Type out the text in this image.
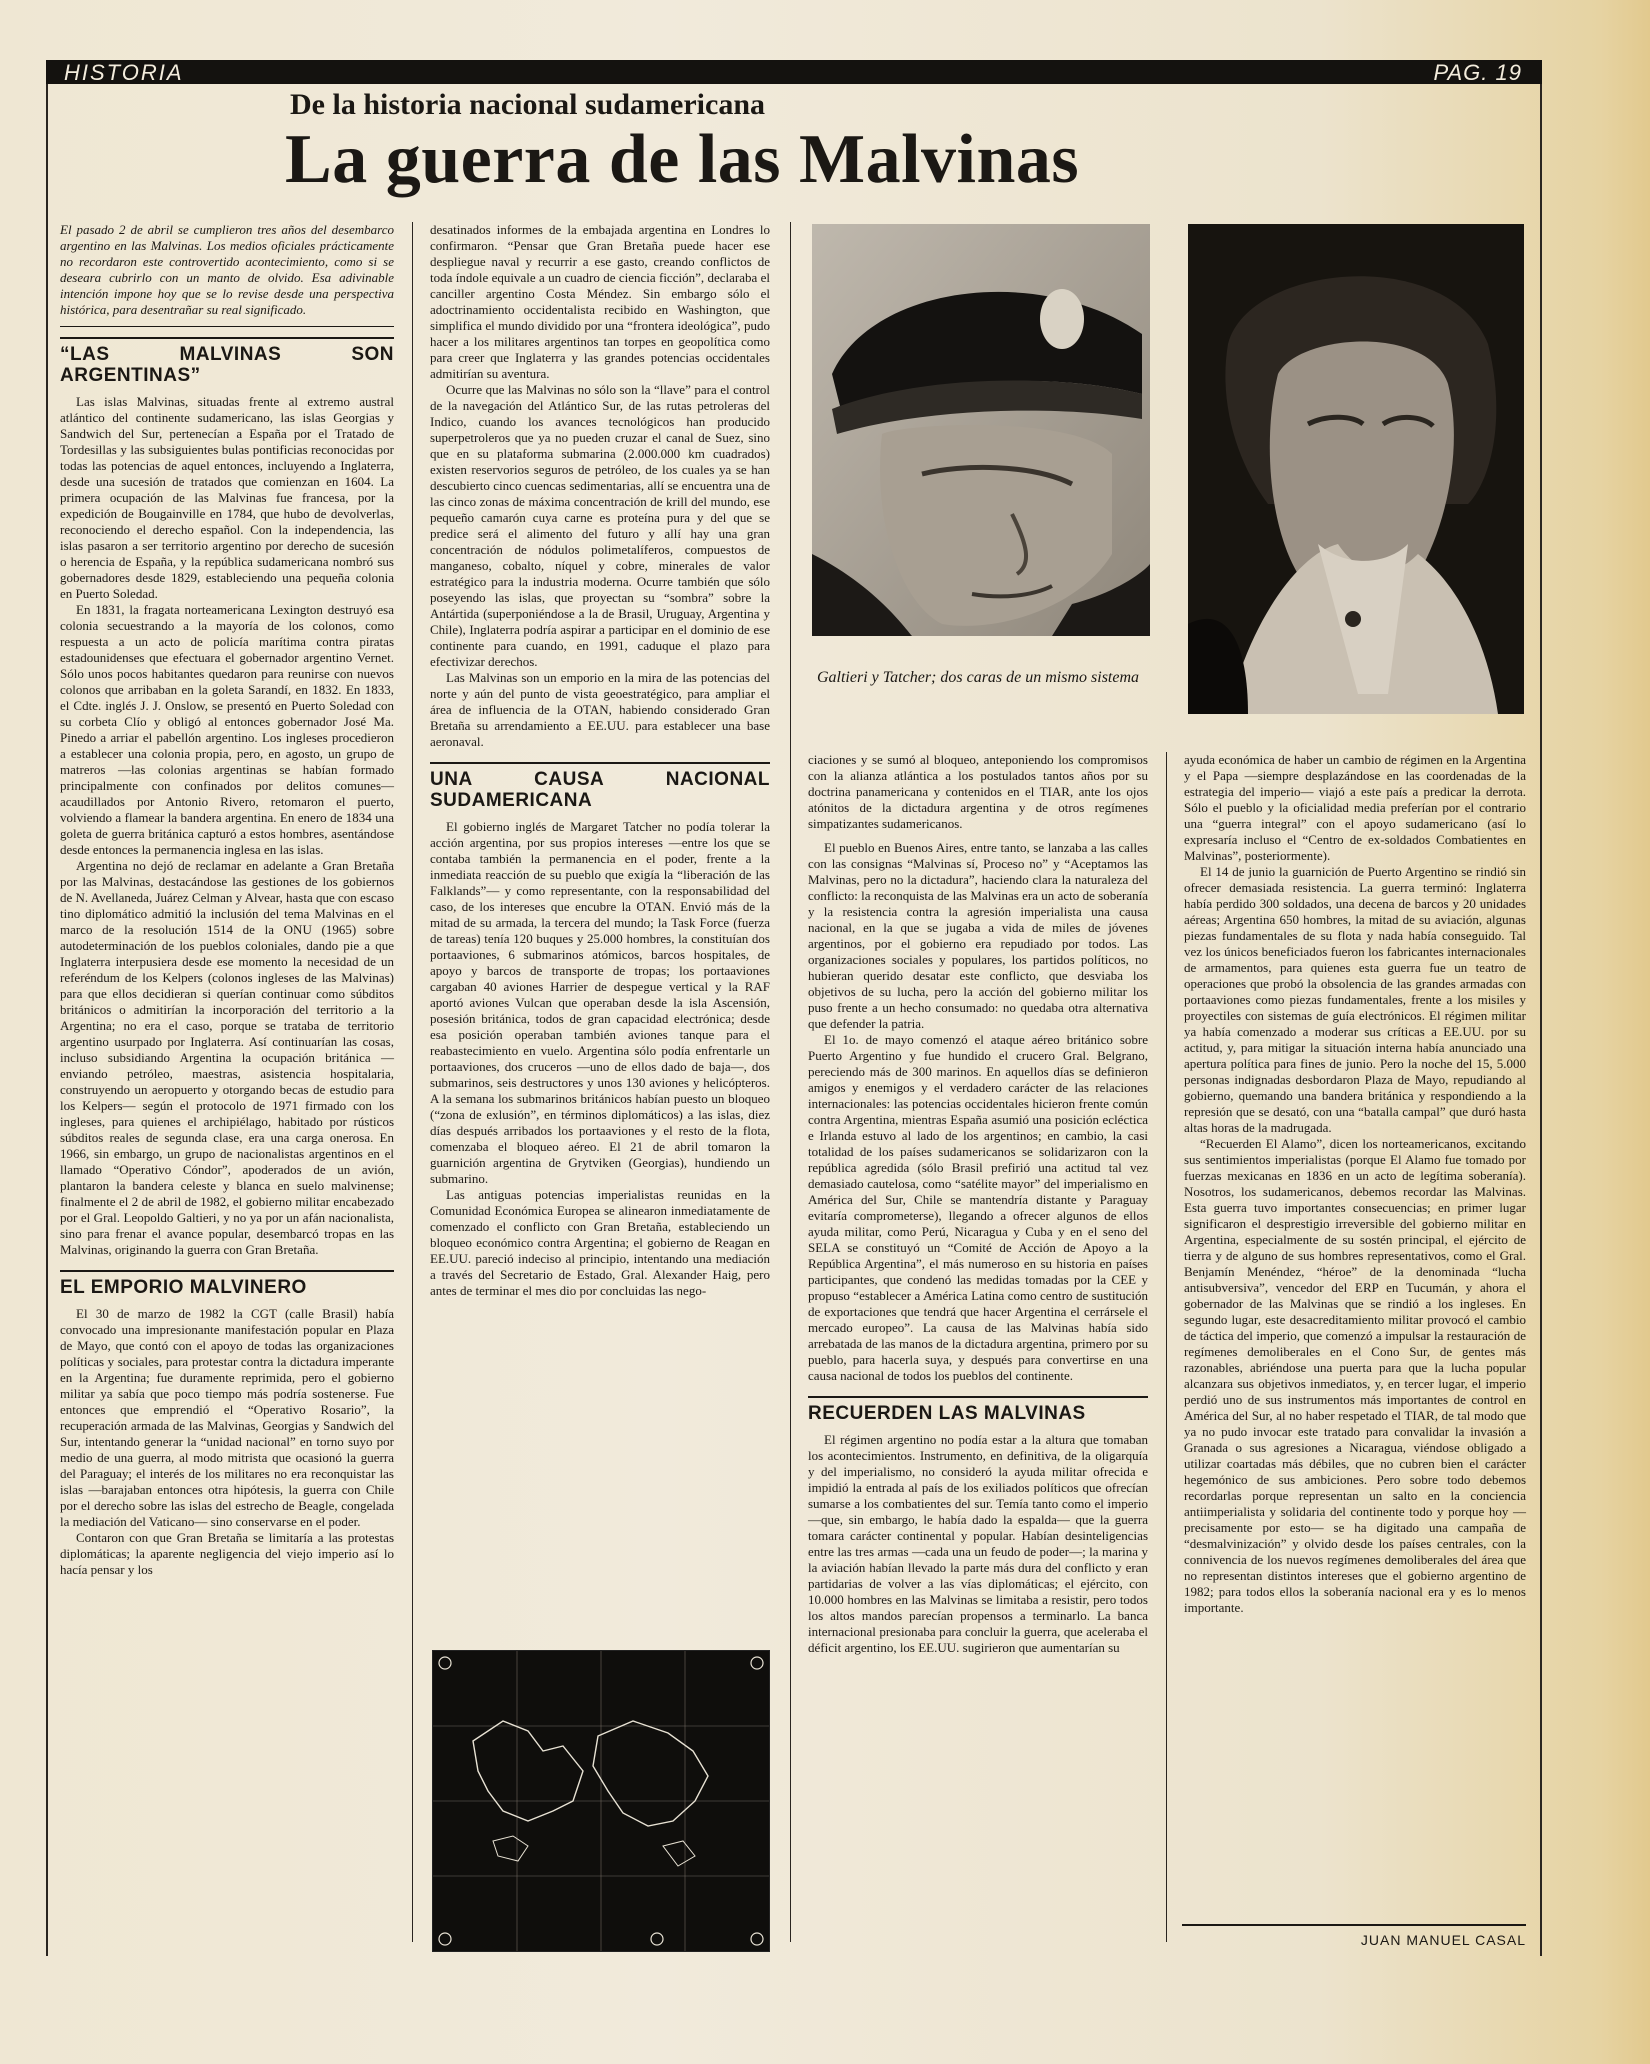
HISTORIA	PAG. 19
De la historia nacional sudamericana
La guerra de las Malvinas

El pasado 2 de abril se cumplieron tres años del desembarco argentino en las Malvinas. Los medios oficiales prácticamente no recordaron este controvertido acontecimiento, como si se deseara cubrirlo con un manto de olvido. Esa adivinable intención impone hoy que se lo revise desde una perspectiva histórica, para desentrañar su real significado.

“LAS MALVINAS SON ARGENTINAS”

Las islas Malvinas, situadas frente al extremo austral atlántico del continente sudamericano, las islas Georgias y Sandwich del Sur, pertenecían a España por el Tratado de Tordesillas y las subsiguientes bulas pontificias reconocidas por todas las potencias de aquel entonces, incluyendo a Inglaterra, desde una sucesión de tratados que comienzan en 1604. La primera ocupación de las Malvinas fue francesa, por la expedición de Bougainville en 1784, que hubo de devolverlas, reconociendo el derecho español. Con la independencia, las islas pasaron a ser territorio argentino por derecho de sucesión o herencia de España, y la república sudamericana nombró sus gobernadores desde 1829, estableciendo una pequeña colonia en Puerto Soledad.

En 1831, la fragata norteamericana Lexington destruyó esa colonia secuestrando a la mayoría de los colonos, como respuesta a un acto de policía marítima contra piratas estadounidenses que efectuara el gobernador argentino Vernet. Sólo unos pocos habitantes quedaron para reunirse con nuevos colonos que arribaban en la goleta Sarandí, en 1832. En 1833, el Cdte. inglés J. J. Onslow, se presentó en Puerto Soledad con su corbeta Clío y obligó al entonces gobernador José Ma. Pinedo a arriar el pabellón argentino. Los ingleses procedieron a establecer una colonia propia, pero, en agosto, un grupo de matreros —las colonias argentinas se habían formado principalmente con confinados por delitos comunes— acaudillados por Antonio Rivero, retomaron el puerto, volviendo a flamear la bandera argentina. En enero de 1834 una goleta de guerra británica capturó a estos hombres, asentándose desde entonces la permanencia inglesa en las islas.

Argentina no dejó de reclamar en adelante a Gran Bretaña por las Malvinas, destacándose las gestiones de los gobiernos de N. Avellaneda, Juárez Celman y Alvear, hasta que con escaso tino diplomático admitió la inclusión del tema Malvinas en el marco de la resolución 1514 de la ONU (1965) sobre autodeterminación de los pueblos coloniales, dando pie a que Inglaterra interpusiera desde ese momento la necesidad de un referéndum de los Kelpers (colonos ingleses de las Malvinas) para que ellos decidieran si querían continuar como súbditos británicos o admitirían la incorporación del territorio a la Argentina; no era el caso, porque se trataba de territorio argentino usurpado por Inglaterra. Así continuarían las cosas, incluso subsidiando Argentina la ocupación británica —enviando petróleo, maestras, asistencia hospitalaria, construyendo un aeropuerto y otorgando becas de estudio para los Kelpers— según el protocolo de 1971 firmado con los ingleses, para quienes el archipiélago, habitado por rústicos súbditos reales de segunda clase, era una carga onerosa. En 1966, sin embargo, un grupo de nacionalistas argentinos en el llamado “Operativo Cóndor”, apoderados de un avión, plantaron la bandera celeste y blanca en suelo malvinense; finalmente el 2 de abril de 1982, el gobierno militar encabezado por el Gral. Leopoldo Galtieri, y no ya por un afán nacionalista, sino para frenar el avance popular, desembarcó tropas en las Malvinas, originando la guerra con Gran Bretaña.

EL EMPORIO MALVINERO

El 30 de marzo de 1982 la CGT (calle Brasil) había convocado una impresionante manifestación popular en Plaza de Mayo, que contó con el apoyo de todas las organizaciones políticas y sociales, para protestar contra la dictadura imperante en la Argentina; fue duramente reprimida, pero el gobierno militar ya sabía que poco tiempo más podría sostenerse. Fue entonces que emprendió el “Operativo Rosario”, la recuperación armada de las Malvinas, Georgias y Sandwich del Sur, intentando generar la “unidad nacional” en torno suyo por medio de una guerra, al modo mitrista que ocasionó la guerra del Paraguay; el interés de los militares no era reconquistar las islas —barajaban entonces otra hipótesis, la guerra con Chile por el derecho sobre las islas del estrecho de Beagle, congelada la mediación del Vaticano— sino conservarse en el poder.

Contaron con que Gran Bretaña se limitaría a las protestas diplomáticas; la aparente negligencia del viejo imperio así lo hacía pensar y los

desatinados informes de la embajada argentina en Londres lo confirmaron. “Pensar que Gran Bretaña puede hacer ese despliegue naval y recurrir a ese gasto, creando conflictos de toda índole equivale a un cuadro de ciencia ficción”, declaraba el canciller argentino Costa Méndez. Sin embargo sólo el adoctrinamiento occidentalista recibido en Washington, que simplifica el mundo dividido por una “frontera ideológica”, pudo hacer a los militares argentinos tan torpes en geopolítica como para creer que Inglaterra y las grandes potencias occidentales admitirían su aventura.

Ocurre que las Malvinas no sólo son la “llave” para el control de la navegación del Atlántico Sur, de las rutas petroleras del Indico, cuando los avances tecnológicos han producido superpetroleros que ya no pueden cruzar el canal de Suez, sino que en su plataforma submarina (2.000.000 km cuadrados) existen reservorios seguros de petróleo, de los cuales ya se han descubierto cinco cuencas sedimentarias, allí se encuentra una de las cinco zonas de máxima concentración de krill del mundo, ese pequeño camarón cuya carne es proteína pura y del que se predice será el alimento del futuro y allí hay una gran concentración de nódulos polimetalíferos, compuestos de manganeso, cobalto, níquel y cobre, minerales de valor estratégico para la industria moderna. Ocurre también que sólo poseyendo las islas, que proyectan su “sombra” sobre la Antártida (superponiéndose a la de Brasil, Uruguay, Argentina y Chile), Inglaterra podría aspirar a participar en el dominio de ese continente para cuando, en 1991, caduque el plazo para efectivizar derechos.

Las Malvinas son un emporio en la mira de las potencias del norte y aún del punto de vista geoestratégico, para ampliar el área de influencia de la OTAN, habiendo considerado Gran Bretaña su arrendamiento a EE.UU. para establecer una base aeronaval.

UNA CAUSA NACIONAL SUDAMERICANA

El gobierno inglés de Margaret Tatcher no podía tolerar la acción argentina, por sus propios intereses —entre los que se contaba también la permanencia en el poder, frente a la inmediata reacción de su pueblo que exigía la “liberación de las Falklands”— y como representante, con la responsabilidad del caso, de los intereses que encubre la OTAN. Envió más de la mitad de su armada, la tercera del mundo; la Task Force (fuerza de tareas) tenía 120 buques y 25.000 hombres, la constituían dos portaaviones, 6 submarinos atómicos, barcos hospitales, de apoyo y barcos de transporte de tropas; los portaaviones cargaban 40 aviones Harrier de despegue vertical y la RAF aportó aviones Vulcan que operaban desde la isla Ascensión, posesión británica, todos de gran capacidad electrónica; desde esa posición operaban también aviones tanque para el reabastecimiento en vuelo. Argentina sólo podía enfrentarle un portaaviones, dos cruceros —uno de ellos dado de baja—, dos submarinos, seis destructores y unos 130 aviones y helicópteros. A la semana los submarinos británicos habían puesto un bloqueo (“zona de exlusión”, en términos diplomáticos) a las islas, diez días después arribados los portaaviones y el resto de la flota, comenzaba el bloqueo aéreo. El 21 de abril tomaron la guarnición argentina de Grytviken (Georgias), hundiendo un submarino.

Las antiguas potencias imperialistas reunidas en la Comunidad Económica Europea se alinearon inmediatamente de comenzado el conflicto con Gran Bretaña, estableciendo un bloqueo económico contra Argentina; el gobierno de Reagan en EE.UU. pareció indeciso al principio, intentando una mediación a través del Secretario de Estado, Gral. Alexander Haig, pero antes de terminar el mes dio por concluidas las nego-

Galtieri y Tatcher; dos caras de un mismo sistema

ciaciones y se sumó al bloqueo, anteponiendo los compromisos con la alianza atlántica a los postulados tantos años por su doctrina panamericana y contenidos en el TIAR, ante los ojos atónitos de la dictadura argentina y de otros regímenes simpatizantes sudamericanos.

El pueblo en Buenos Aires, entre tanto, se lanzaba a las calles con las consignas “Malvinas sí, Proceso no” y “Aceptamos las Malvinas, pero no la dictadura”, haciendo clara la naturaleza del conflicto: la reconquista de las Malvinas era un acto de soberanía y la resistencia contra la agresión imperialista una causa nacional, en la que se jugaba a vida de miles de jóvenes argentinos, por el gobierno era repudiado por todos. Las organizaciones sociales y populares, los partidos políticos, no hubieran querido desatar este conflicto, que desviaba los objetivos de su lucha, pero la acción del gobierno militar los puso frente a un hecho consumado: no quedaba otra alternativa que defender la patria.

El 1o. de mayo comenzó el ataque aéreo británico sobre Puerto Argentino y fue hundido el crucero Gral. Belgrano, pereciendo más de 300 marinos. En aquellos días se definieron amigos y enemigos y el verdadero carácter de las relaciones internacionales: las potencias occidentales hicieron frente común contra Argentina, mientras España asumió una posición ecléctica e Irlanda estuvo al lado de los argentinos; en cambio, la casi totalidad de los países sudamericanos se solidarizaron con la república agredida (sólo Brasil prefirió una actitud tal vez demasiado cautelosa, como “satélite mayor” del imperialismo en América del Sur, Chile se mantendría distante y Paraguay evitaría comprometerse), llegando a ofrecer algunos de ellos ayuda militar, como Perú, Nicaragua y Cuba y en el seno del SELA se constituyó un “Comité de Acción de Apoyo a la República Argentina”, el más numeroso en su historia en países participantes, que condenó las medidas tomadas por la CEE y propuso “establecer a América Latina como centro de sustitución de exportaciones que tendrá que hacer Argentina el cerrársele el mercado europeo”. La causa de las Malvinas había sido arrebatada de las manos de la dictadura argentina, primero por su pueblo, para hacerla suya, y después para convertirse en una causa nacional de todos los pueblos del continente.

RECUERDEN LAS MALVINAS

El régimen argentino no podía estar a la altura que tomaban los acontecimientos. Instrumento, en definitiva, de la oligarquía y del imperialismo, no consideró la ayuda militar ofrecida e impidió la entrada al país de los exiliados políticos que ofrecían sumarse a los combatientes del sur. Temía tanto como el imperio —que, sin embargo, le había dado la espalda— que la guerra tomara carácter continental y popular. Habían desinteligencias entre las tres armas —cada una un feudo de poder—; la marina y la aviación habían llevado la parte más dura del conflicto y eran partidarias de volver a las vías diplomáticas; el ejército, con 10.000 hombres en las Malvinas se limitaba a resistir, pero todos los altos mandos parecían propensos a terminarlo. La banca internacional presionaba para concluir la guerra, que aceleraba el déficit argentino, los EE.UU. sugirieron que aumentarían su

ayuda económica de haber un cambio de régimen en la Argentina y el Papa —siempre desplazándose en las coordenadas de la estrategia del imperio— viajó a este país a predicar la derrota. Sólo el pueblo y la oficialidad media preferían por el contrario una “guerra integral” con el apoyo sudamericano (así lo expresaría incluso el “Centro de ex-soldados Combatientes en Malvinas”, posteriormente).

El 14 de junio la guarnición de Puerto Argentino se rindió sin ofrecer demasiada resistencia. La guerra terminó: Inglaterra había perdido 300 soldados, una decena de barcos y 20 unidades aéreas; Argentina 650 hombres, la mitad de su aviación, algunas piezas fundamentales de su flota y nada había conseguido. Tal vez los únicos beneficiados fueron los fabricantes internacionales de armamentos, para quienes esta guerra fue un teatro de operaciones que probó la obsolencia de las grandes armadas con portaaviones como piezas fundamentales, frente a los misiles y proyectiles con sistemas de guía electrónicos. El régimen militar ya había comenzado a moderar sus críticas a EE.UU. por su actitud, y, para mitigar la situación interna había anunciado una apertura política para fines de junio. Pero la noche del 15, 5.000 personas indignadas desbordaron Plaza de Mayo, repudiando al gobierno, quemando una bandera británica y respondiendo a la represión que se desató, con una “batalla campal” que duró hasta altas horas de la madrugada.

“Recuerden El Alamo”, dicen los norteamericanos, excitando sus sentimientos imperialistas (porque El Alamo fue tomado por fuerzas mexicanas en 1836 en un acto de legítima soberanía). Nosotros, los sudamericanos, debemos recordar las Malvinas. Esta guerra tuvo importantes consecuencias; en primer lugar significaron el desprestigio irreversible del gobierno militar en Argentina, especialmente de su sostén principal, el ejército de tierra y de alguno de sus hombres representativos, como el Gral. Benjamín Menéndez, “héroe” de la denominada “lucha antisubversiva”, vencedor del ERP en Tucumán, y ahora el gobernador de las Malvinas que se rindió a los ingleses. En segundo lugar, este desacreditamiento militar provocó el cambio de táctica del imperio, que comenzó a impulsar la restauración de regímenes demoliberales en el Cono Sur, de gentes más razonables, abriéndose una puerta para que la lucha popular alcanzara sus objetivos inmediatos, y, en tercer lugar, el imperio perdió uno de sus instrumentos más importantes de control en América del Sur, al no haber respetado el TIAR, de tal modo que ya no pudo invocar este tratado para convalidar la invasión a Granada o sus agresiones a Nicaragua, viéndose obligado a utilizar coartadas más débiles, que no cubren bien el carácter hegemónico de sus ambiciones. Pero sobre todo debemos recordarlas porque representan un salto en la conciencia antiimperialista y solidaria del continente todo y porque hoy —precisamente por esto— se ha digitado una campaña de “desmalvinización” y olvido desde los países centrales, con la connivencia de los nuevos regímenes demoliberales del área que no representan distintos intereses que el gobierno argentino de 1982; para todos ellos la soberanía nacional era y es lo menos importante.

JUAN MANUEL CASAL
